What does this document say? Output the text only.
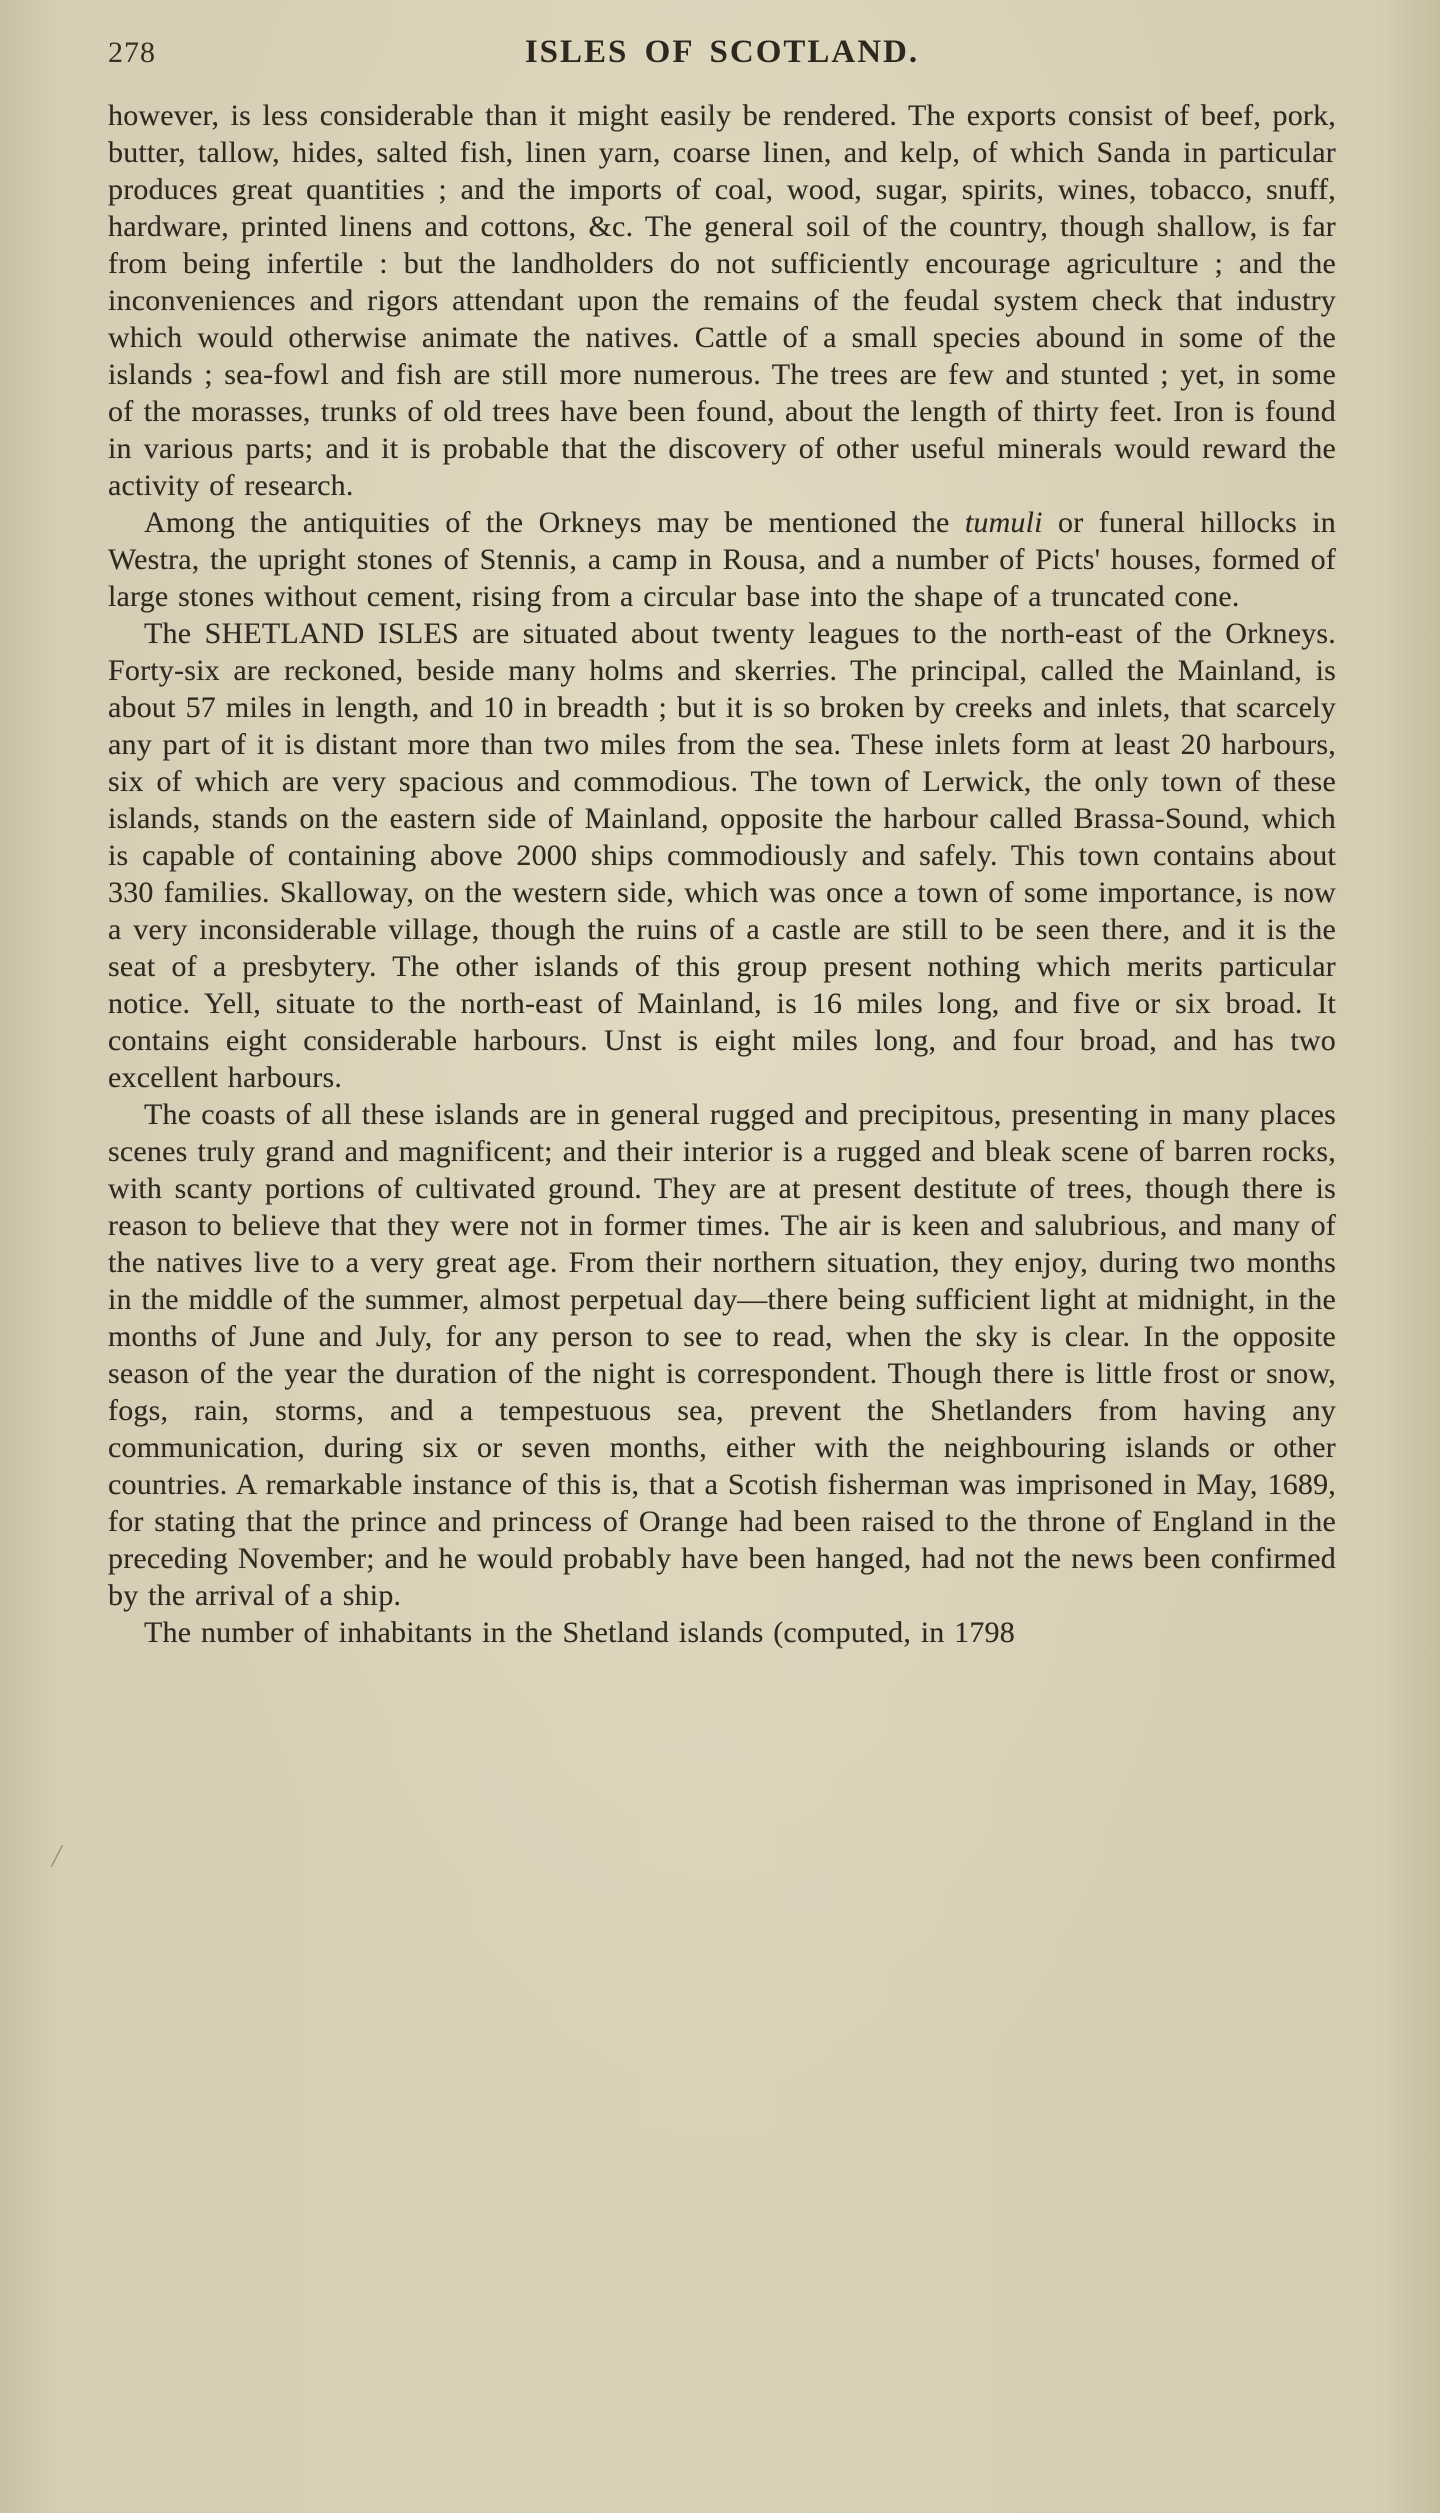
278	ISLES OF SCOTLAND.

however, is less considerable than it might easily be rendered. The exports consist of beef, pork, butter, tallow, hides, salted fish, linen yarn, coarse linen, and kelp, of which Sanda in particular produces great quantities ; and the imports of coal, wood, sugar, spirits, wines, tobacco, snuff, hardware, printed linens and cottons, &c. The general soil of the country, though shallow, is far from being infertile : but the landholders do not sufficiently encourage agriculture ; and the inconveniences and rigors attendant upon the remains of the feudal system check that industry which would otherwise animate the natives. Cattle of a small species abound in some of the islands ; sea-fowl and fish are still more numerous. The trees are few and stunted ; yet, in some of the morasses, trunks of old trees have been found, about the length of thirty feet. Iron is found in various parts; and it is probable that the discovery of other useful minerals would reward the activity of research.

Among the antiquities of the Orkneys may be mentioned the tumuli or funeral hillocks in Westra, the upright stones of Stennis, a camp in Rousa, and a number of Picts' houses, formed of large stones without cement, rising from a circular base into the shape of a truncated cone.

The SHETLAND ISLES are situated about twenty leagues to the north-east of the Orkneys. Forty-six are reckoned, beside many holms and skerries. The principal, called the Mainland, is about 57 miles in length, and 10 in breadth ; but it is so broken by creeks and inlets, that scarcely any part of it is distant more than two miles from the sea. These inlets form at least 20 harbours, six of which are very spacious and commodious. The town of Lerwick, the only town of these islands, stands on the eastern side of Mainland, opposite the harbour called Brassa-Sound, which is capable of containing above 2000 ships commodiously and safely. This town contains about 330 families. Skalloway, on the western side, which was once a town of some importance, is now a very inconsiderable village, though the ruins of a castle are still to be seen there, and it is the seat of a presbytery. The other islands of this group present nothing which merits particular notice. Yell, situate to the north-east of Mainland, is 16 miles long, and five or six broad. It contains eight considerable harbours. Unst is eight miles long, and four broad, and has two excellent harbours.

The coasts of all these islands are in general rugged and precipitous, presenting in many places scenes truly grand and magnificent; and their interior is a rugged and bleak scene of barren rocks, with scanty portions of cultivated ground. They are at present destitute of trees, though there is reason to believe that they were not in former times. The air is keen and salubrious, and many of the natives live to a very great age. From their northern situation, they enjoy, during two months in the middle of the summer, almost perpetual day—there being sufficient light at midnight, in the months of June and July, for any person to see to read, when the sky is clear. In the opposite season of the year the duration of the night is correspondent. Though there is little frost or snow, fogs, rain, storms, and a tempestuous sea, prevent the Shetlanders from having any communication, during six or seven months, either with the neighbouring islands or other countries. A remarkable instance of this is, that a Scotish fisherman was imprisoned in May, 1689, for stating that the prince and princess of Orange had been raised to the throne of England in the preceding November; and he would probably have been hanged, had not the news been confirmed by the arrival of a ship.

The number of inhabitants in the Shetland islands (computed, in 1798

/
